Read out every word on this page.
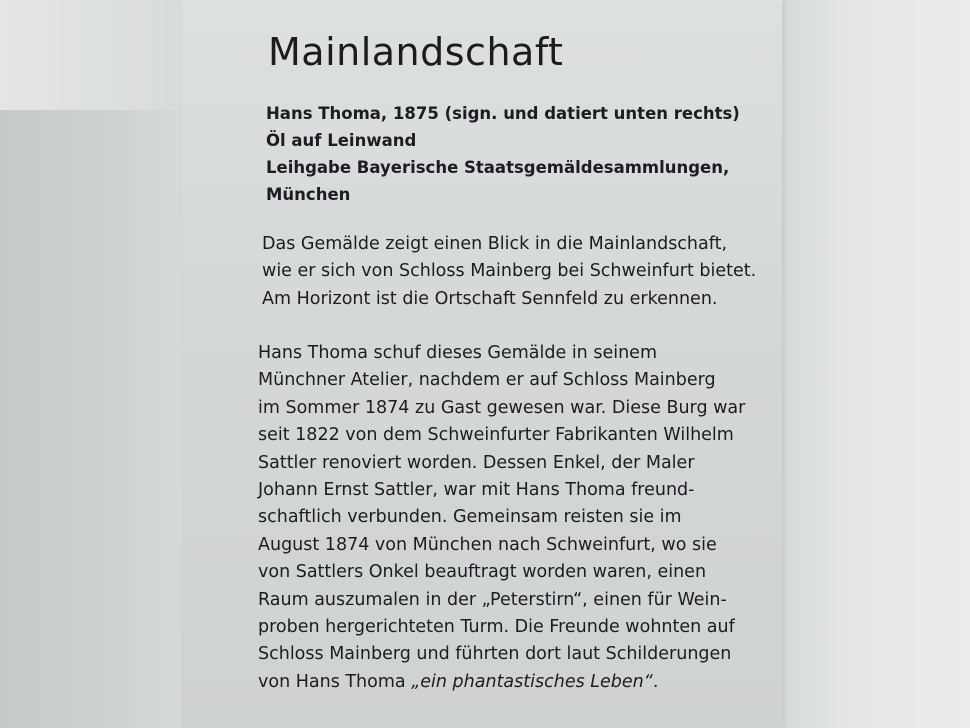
Mainlandschaft
Hans Thoma, 1875 (sign. und datiert unten rechts)
Öl auf Leinwand
Leihgabe Bayerische Staatsgemäldesammlungen,
München
Das Gemälde zeigt einen Blick in die Mainlandschaft,
wie er sich von Schloss Mainberg bei Schweinfurt bietet.
Am Horizont ist die Ortschaft Sennfeld zu erkennen.
Hans Thoma schuf dieses Gemälde in seinem
Münchner Atelier, nachdem er auf Schloss Mainberg
im Sommer 1874 zu Gast gewesen war. Diese Burg war
seit 1822 von dem Schweinfurter Fabrikanten Wilhelm
Sattler renoviert worden. Dessen Enkel, der Maler
Johann Ernst Sattler, war mit Hans Thoma freund-
schaftlich verbunden. Gemeinsam reisten sie im
August 1874 von München nach Schweinfurt, wo sie
von Sattlers Onkel beauftragt worden waren, einen
Raum auszumalen in der „Peterstirn“, einen für Wein-
proben hergerichteten Turm. Die Freunde wohnten auf
Schloss Mainberg und führten dort laut Schilderungen
von Hans Thoma „ein phantastisches Leben“.
